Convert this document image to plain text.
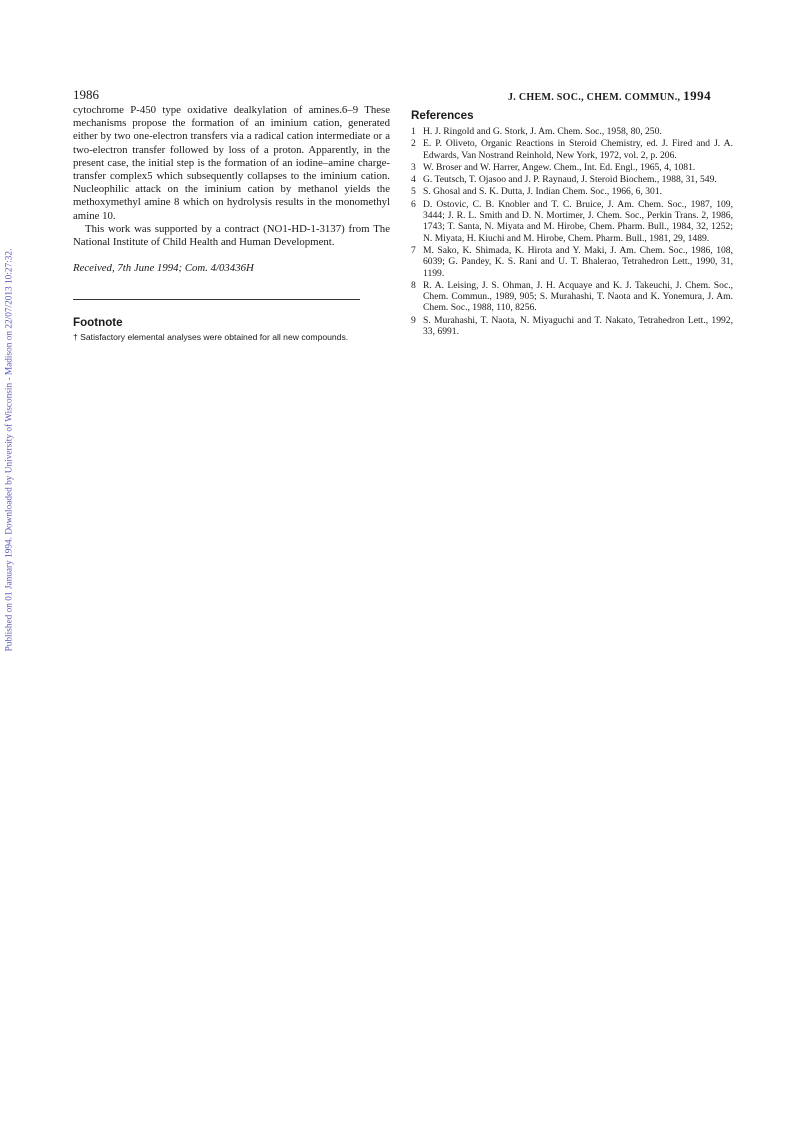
Published on 01 January 1994. Downloaded by University of Wisconsin - Madison on 22/07/2013 10:27:32.
1986	J. CHEM. SOC., CHEM. COMMUN., 1994

cytochrome P-450 type oxidative dealkylation of amines.6–9 These mechanisms propose the formation of an iminium cation, generated either by two one-electron transfers via a radical cation intermediate or a two-electron transfer followed by loss of a proton. Apparently, in the present case, the initial step is the formation of an iodine–amine charge-transfer complex5 which subsequently collapses to the iminium cation. Nucleophilic attack on the iminium cation by methanol yields the methoxymethyl amine 8 which on hydrolysis results in the monomethyl amine 10.

This work was supported by a contract (NO1-HD-1-3137) from The National Institute of Child Health and Human Development.

Received, 7th June 1994; Com. 4/03436H
Footnote

† Satisfactory elemental analyses were obtained for all new compounds.

References
1 H. J. Ringold and G. Stork, J. Am. Chem. Soc., 1958, 80, 250.
2 E. P. Oliveto, Organic Reactions in Steroid Chemistry, ed. J. Fired and J. A. Edwards, Van Nostrand Reinhold, New York, 1972, vol. 2, p. 206.
3 W. Broser and W. Harrer, Angew. Chem., Int. Ed. Engl., 1965, 4, 1081.
4 G. Teutsch, T. Ojasoo and J. P. Raynaud, J. Steroid Biochem., 1988, 31, 549.
5 S. Ghosal and S. K. Dutta, J. Indian Chem. Soc., 1966, 6, 301.
6 D. Ostovic, C. B. Knobler and T. C. Bruice, J. Am. Chem. Soc., 1987, 109, 3444; J. R. L. Smith and D. N. Mortimer, J. Chem. Soc., Perkin Trans. 2, 1986, 1743; T. Santa, N. Miyata and M. Hirobe, Chem. Pharm. Bull., 1984, 32, 1252; N. Miyata, H. Kiuchi and M. Hirobe, Chem. Pharm. Bull., 1981, 29, 1489.
7 M. Sako, K. Shimada, K. Hirota and Y. Maki, J. Am. Chem. Soc., 1986, 108, 6039; G. Pandey, K. S. Rani and U. T. Bhalerao, Tetrahedron Lett., 1990, 31, 1199.
8 R. A. Leising, J. S. Ohman, J. H. Acquaye and K. J. Takeuchi, J. Chem. Soc., Chem. Commun., 1989, 905; S. Murahashi, T. Naota and K. Yonemura, J. Am. Chem. Soc., 1988, 110, 8256.
9 S. Murahashi, T. Naota, N. Miyaguchi and T. Nakato, Tetrahedron Lett., 1992, 33, 6991.
